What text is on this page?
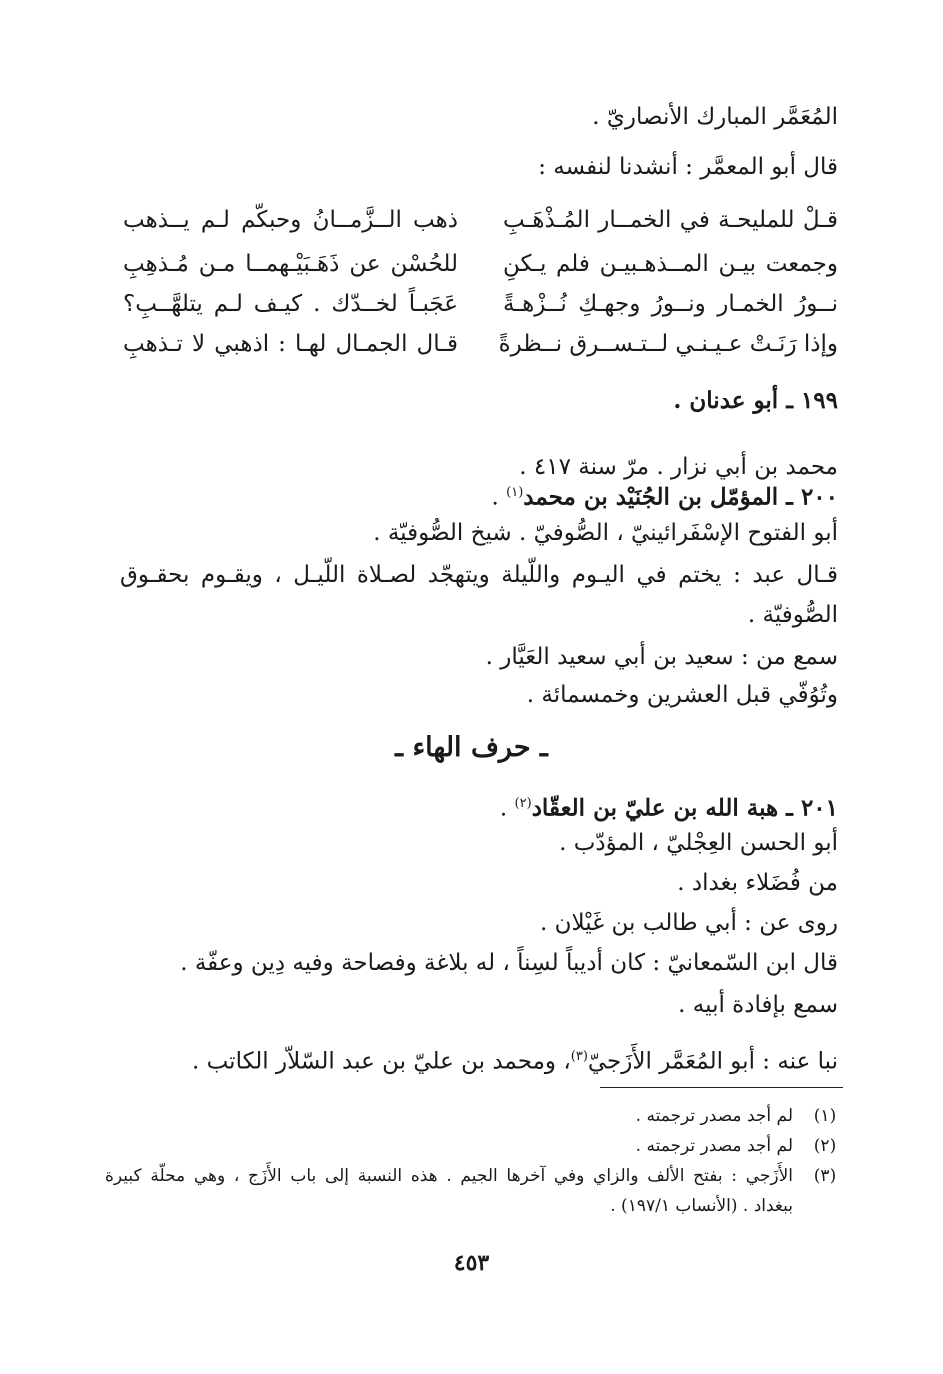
المُعَمَّر المبارك الأنصاريّ .
قال أبو المعمَّر : أنشدنا لنفسه :
قـلْ للمليحـة في الخمــار المُـذْهَـبِ
ذهب الــزَّمــانُ وحبكّم لـم يــذهب
وجمعت بيـن المــذهـبيـن فلم يـكنِ
للحُسْن عن ذَهَـبَيْـهمــا مـن مُـذهِبِ
نــورُ الخمـار ونــورُ وجهـكِ نُــزْهـةً
عَجَبـاً لخــدّك . كيـف لـم يتلهَّــبِ؟
وإذا رَنَـتْ عـيـنـي لــتـســرق نــظرةً
قـال الجمـال لهـا : اذهبي لا تـذهبِ
١٩٩ ـ أبو عدنان .
محمد بن أبي نزار . مرّ سنة ٤١٧ .
٢٠٠ ـ المؤمّل بن الجُنَيْد بن محمد$^{(١)}$ .
أبو الفتوح الإسْفَرائينيّ ، الصُّوفيّ . شيخ الصُّوفيّة .
قـال عبد : يختم في اليـوم واللّيلة ويتهجّد لصـلاة اللّيـل ، ويقـوم بحقـوق
الصُّوفيّة .
سمع من : سعيد بن أبي سعيد العَيَّار .
وتُوُفّي قبل العشرين وخمسمائة .
ـ حرف الهاء ـ
٢٠١ ـ هبة الله بن عليّ بن العقّاد$^{(٢)}$ .
أبو الحسن العِجْليّ ، المؤدّب .
من فُضَلاء بغداد .
روى عن : أبي طالب بن غَيْلان .
قال ابن السّمعانيّ : كان أديباً لسِناً ، له بلاغة وفصاحة وفيه دِين وعفّة .
سمع بإفادة أبيه .
نبا عنه : أبو المُعَمَّر الأَزَجيّ$^{(٣)}$، ومحمد بن عليّ بن عبد السّلاّر الكاتب .
(١)
لم أجد مصدر ترجمته .
(٢)
لم أجد مصدر ترجمته .
(٣)
الأَزَجي : بفتح الألف والزاي وفي آخرها الجيم . هذه النسبة إلى باب الأَزَج ، وهي محلّة كبيرة
ببغداد . (الأنساب ١٩٧/١) .
٤٥٣
